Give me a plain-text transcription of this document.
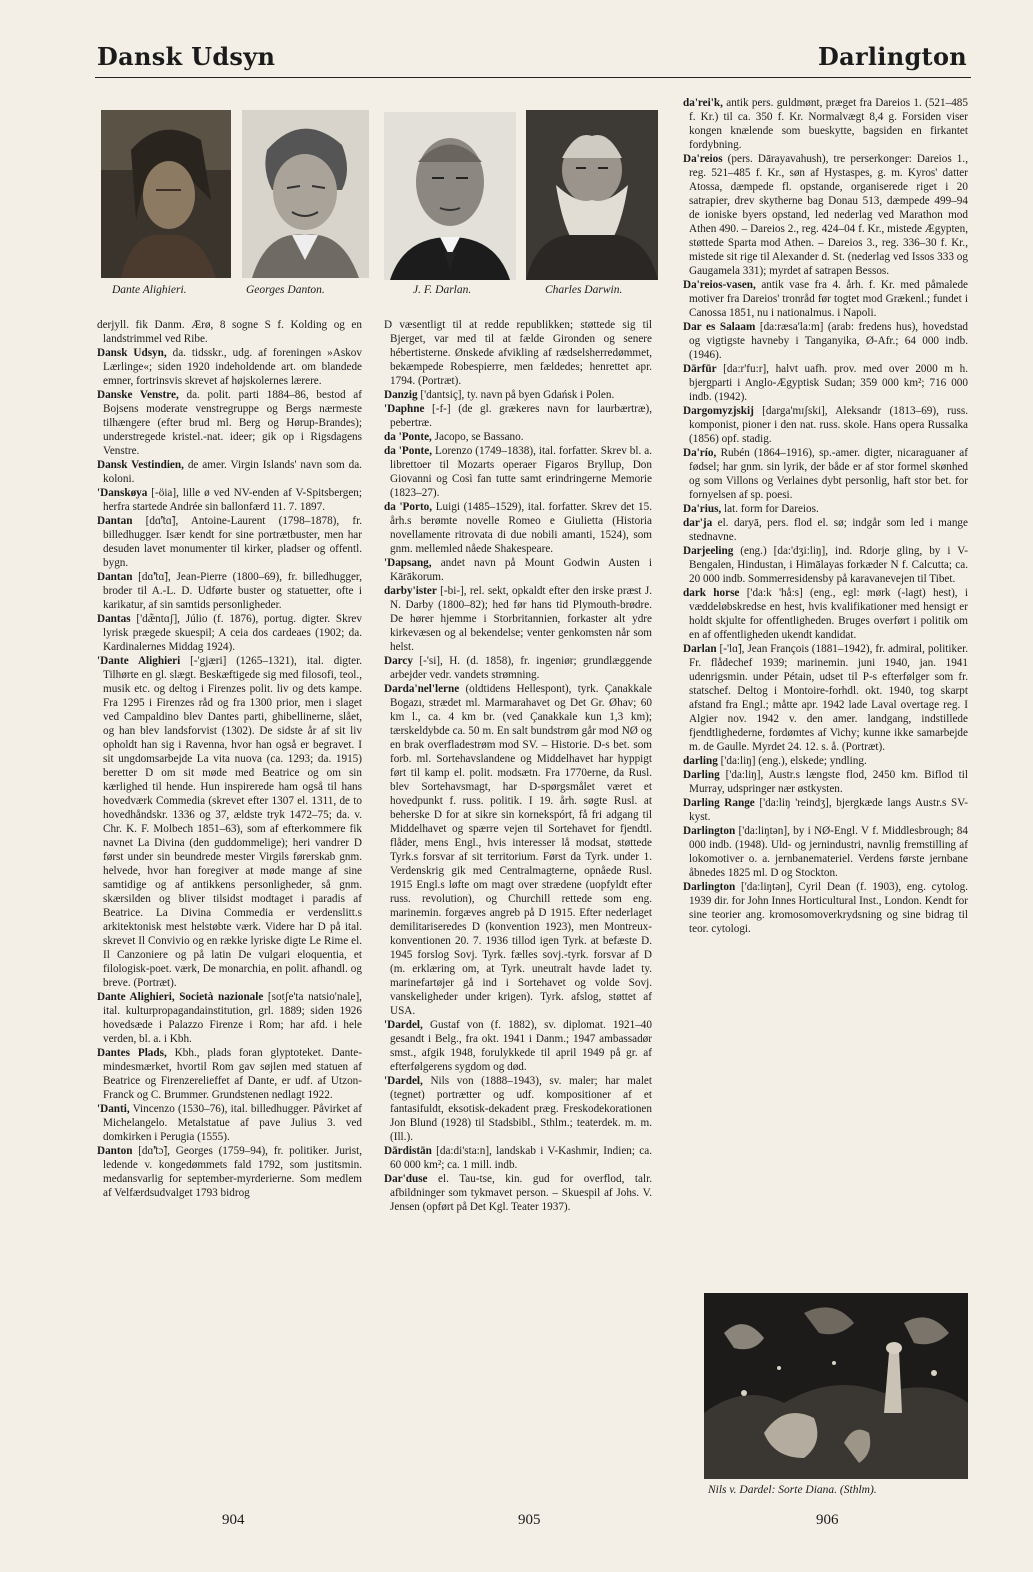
Dansk Udsyn	Darlington
Dante Alighieri.	Georges Danton.	J. F. Darlan.	Charles Darwin.

derjyll. fik Danm. Ærø, 8 sogne S f. Kolding og en landstrimmel ved Ribe.

Dansk Udsyn, da. tidsskr., udg. af foreningen »Askov Lærlinge«; siden 1920 indeholdende art. om blandede emner, fortrinsvis skrevet af højskolernes lærere.

Danske Venstre, da. polit. parti 1884–86, bestod af Bojsens moderate venstregruppe og Bergs nærmeste tilhængere (efter brud ml. Berg og Hørup-Brandes); understregede kristel.-nat. ideer; gik op i Rigsdagens Venstre.

Dansk Vestindien, de amer. Virgin Islands' navn som da. koloni.

'Danskøya [-öia], lille ø ved NV-enden af V-Spitsbergen; herfra startede Andrée sin ballonfærd 11. 7. 1897.

Dantan [dɑ̃'tɑ̃], Antoine-Laurent (1798–1878), fr. billedhugger. Især kendt for sine portrætbuster, men har desuden lavet monumenter til kirker, pladser og offentl. bygn.

Dantan [dɑ̃'tɑ̃], Jean-Pierre (1800–69), fr. billedhugger, broder til A.-L. D. Udførte buster og statuetter, ofte i karikatur, af sin samtids personligheder.

Dantas ['dæ̃ntɑʃ], Júlio (f. 1876), portug. digter. Skrev lyrisk prægede skuespil; A ceia dos cardeaes (1902; da. Kardinalernes Middag 1924).

'Dante Alighieri [-'gjæri] (1265–1321), ital. digter. Tilhørte en gl. slægt. Beskæftigede sig med filosofi, teol., musik etc. og deltog i Firenzes polit. liv og dets kampe. Fra 1295 i Firenzes råd og fra 1300 prior, men i slaget ved Campaldino blev Dantes parti, ghibellinerne, slået, og han blev landsforvist (1302). De sidste år af sit liv opholdt han sig i Ravenna, hvor han også er begravet. I sit ungdomsarbejde La vita nuova (ca. 1293; da. 1915) beretter D om sit møde med Beatrice og om sin kærlighed til hende. Hun inspirerede ham også til hans hovedværk Commedia (skrevet efter 1307 el. 1311, de to hovedhåndskr. 1336 og 37, ældste tryk 1472–75; da. v. Chr. K. F. Molbech 1851–63), som af efterkommere fik navnet La Divina (den guddommelige); heri vandrer D først under sin beundrede mester Virgils førerskab gnm. helvede, hvor han foregiver at møde mange af sine samtidige og af antikkens personligheder, så gnm. skærsilden og bliver tilsidst modtaget i paradis af Beatrice. La Divina Commedia er verdenslitt.s arkitektonisk mest helstøbte værk. Videre har D på ital. skrevet Il Convivio og en række lyriske digte Le Rime el. Il Canzoniere og på latin De vulgari eloquentia, et filologisk-poet. værk, De monarchia, en polit. afhandl. og breve. (Portræt).

Dante Alighieri, Società nazionale [sotʃe'ta natsio'nale], ital. kulturpropagandainstitution, grl. 1889; siden 1926 hovedsæde i Palazzo Firenze i Rom; har afd. i hele verden, bl. a. i Kbh.

Dantes Plads, Kbh., plads foran glyptoteket. Dante-mindesmærket, hvortil Rom gav søjlen med statuen af Beatrice og Firenzerelieffet af Dante, er udf. af Utzon-Franck og C. Brummer. Grundstenen nedlagt 1922.

'Danti, Vincenzo (1530–76), ital. billedhugger. Påvirket af Michelangelo. Metalstatue af pave Julius 3. ved domkirken i Perugia (1555).

Danton [dɑ̃'tɔ̃], Georges (1759–94), fr. politiker. Jurist, ledende v. kongedømmets fald 1792, som justitsmin. medansvarlig for september-myrderierne. Som medlem af Velfærdsudvalget 1793 bidrog

D væsentligt til at redde republikken; støttede sig til Bjerget, var med til at fælde Gironden og senere hébertisterne. Ønskede afvikling af rædselsherredømmet, bekæmpede Robespierre, men fældedes; henrettet apr. 1794. (Portræt).

Danzig ['dantsiç], ty. navn på byen Gdańsk i Polen.

'Daphne [-f-] (de gl. grækeres navn for laurbærtræ), pebertræ.

da 'Ponte, Jacopo, se Bassano.

da 'Ponte, Lorenzo (1749–1838), ital. forfatter. Skrev bl. a. librettoer til Mozarts operaer Figaros Bryllup, Don Giovanni og Così fan tutte samt erindringerne Memorie (1823–27).

da 'Porto, Luigi (1485–1529), ital. forfatter. Skrev det 15. årh.s berømte novelle Romeo e Giulietta (Historia novellamente ritrovata di due nobili amanti, 1524), som gnm. mellemled nåede Shakespeare.

'Dapsang, andet navn på Mount Godwin Austen i Kārākorum.

darby'ister [-bi-], rel. sekt, opkaldt efter den irske præst J. N. Darby (1800–82); hed før hans tid Plymouth-brødre. De hører hjemme i Storbritannien, forkaster alt ydre kirkevæsen og al bekendelse; venter genkomsten når som helst.

Darcy [-'si], H. (d. 1858), fr. ingeniør; grundlæggende arbejder vedr. vandets strømning.

Darda'nel'lerne (oldtidens Hellespont), tyrk. Çanakkale Bogazı, strædet ml. Marmarahavet og Det Gr. Øhav; 60 km l., ca. 4 km br. (ved Çanakkale kun 1,3 km); tærskeldybde ca. 50 m. En salt bundstrøm går mod NØ og en brak overfladestrøm mod SV. – Historie. D-s bet. som forb. ml. Sortehavslandene og Middelhavet har hyppigt ført til kamp el. polit. modsætn. Fra 1770erne, da Rusl. blev Sortehavsmagt, har D-spørgsmålet været et hovedpunkt f. russ. politik. I 19. årh. søgte Rusl. at beherske D for at sikre sin kornekspórt, få fri adgang til Middelhavet og spærre vejen til Sortehavet for fjendtl. flåder, mens Engl., hvis interesser lå modsat, støttede Tyrk.s forsvar af sit territorium. Først da Tyrk. under 1. Verdenskrig gik med Centralmagterne, opnåede Rusl. 1915 Engl.s løfte om magt over strædene (uopfyldt efter russ. revolution), og Churchill rettede som eng. marinemin. forgæves angreb på D 1915. Efter nederlaget demilitariseredes D (konvention 1923), men Montreux-konventionen 20. 7. 1936 tillod igen Tyrk. at befæste D. 1945 forslog Sovj. Tyrk. fælles sovj.-tyrk. forsvar af D (m. erklæring om, at Tyrk. uneutralt havde ladet ty. marinefartøjer gå ind i Sortehavet og volde Sovj. vanskeligheder under krigen). Tyrk. afslog, støttet af USA.

'Dardel, Gustaf von (f. 1882), sv. diplomat. 1921–40 gesandt i Belg., fra okt. 1941 i Danm.; 1947 ambassadør smst., afgik 1948, forulykkede til april 1949 på gr. af efterfølgerens sygdom og død.

'Dardel, Nils von (1888–1943), sv. maler; har malet (tegnet) portrætter og udf. kompositioner af et fantasifuldt, eksotisk-dekadent præg. Freskodekorationen Jon Blund (1928) til Stadsbibl., Sthlm.; teaterdek. m. m. (Ill.).

Dārdistān [da:di'sta:n], landskab i V-Kashmir, Indien; ca. 60 000 km²; ca. 1 mill. indb.

Dar'duse el. Tau-tse, kin. gud for overflod, talr. afbildninger som tykmavet person. – Skuespil af Johs. V. Jensen (opført på Det Kgl. Teater 1937).

da'rei'k, antik pers. guldmønt, præget fra Dareios 1. (521–485 f. Kr.) til ca. 350 f. Kr. Normalvægt 8,4 g. Forsiden viser kongen knælende som bueskytte, bagsiden en firkantet fordybning.

Da'reios (pers. Dārayavahush), tre perserkonger: Dareios 1., reg. 521–485 f. Kr., søn af Hystaspes, g. m. Kyros' datter Atossa, dæmpede fl. opstande, organiserede riget i 20 satrapier, drev skytherne bag Donau 513, dæmpede 499–94 de ioniske byers opstand, led nederlag ved Marathon mod Athen 490. – Dareios 2., reg. 424–04 f. Kr., mistede Ægypten, støttede Sparta mod Athen. – Dareios 3., reg. 336–30 f. Kr., mistede sit rige til Alexander d. St. (nederlag ved Issos 333 og Gaugamela 331); myrdet af satrapen Bessos.

Da'reios-vasen, antik vase fra 4. årh. f. Kr. med påmalede motiver fra Dareios' tronråd før togtet mod Grækenl.; fundet i Canossa 1851, nu i nationalmus. i Napoli.

Dar es Salaam [da:ræsa'la:m] (arab: fredens hus), hovedstad og vigtigste havneby i Tanganyika, Ø-Afr.; 64 000 indb. (1946).

Dārfūr [da:r'fu:r], halvt uafh. prov. med over 2000 m h. bjergparti i Anglo-Ægyptisk Sudan; 359 000 km²; 716 000 indb. (1942).

Dargomyzjskij [darga'mɪʃski], Aleksandr (1813–69), russ. komponist, pioner i den nat. russ. skole. Hans opera Russalka (1856) opf. stadig.

Da'río, Rubén (1864–1916), sp.-amer. digter, nicaraguaner af fødsel; har gnm. sin lyrik, der både er af stor formel skønhed og som Villons og Verlaines dybt personlig, haft stor bet. for fornyelsen af sp. poesi.

Da'rius, lat. form for Dareios.

dar'ja el. daryā, pers. flod el. sø; indgår som led i mange stednavne.

Darjeeling (eng.) [da:'dʒi:liŋ], ind. Rdorje gling, by i V-Bengalen, Hindustan, i Himālayas forkæder N f. Calcutta; ca. 20 000 indb. Sommerresidensby på karavanevejen til Tibet.

dark horse ['da:k 'hå:s] (eng., egl: mørk (-lagt) hest), i væddeløbskredse en hest, hvis kvalifikationer med hensigt er holdt skjulte for offentligheden. Bruges overført i politik om en af offentligheden ukendt kandidat.

Darlan [-'lɑ̃], Jean François (1881–1942), fr. admiral, politiker. Fr. flådechef 1939; marinemin. juni 1940, jan. 1941 udenrigsmin. under Pétain, udset til P-s efterfølger som fr. statschef. Deltog i Montoire-forhdl. okt. 1940, tog skarpt afstand fra Engl.; måtte apr. 1942 lade Laval overtage reg. I Algier nov. 1942 v. den amer. landgang, indstillede fjendtlighederne, fordømtes af Vichy; kunne ikke samarbejde m. de Gaulle. Myrdet 24. 12. s. å. (Portræt).

darling ['da:liŋ] (eng.), elskede; yndling.

Darling ['da:liŋ], Austr.s længste flod, 2450 km. Biflod til Murray, udspringer nær østkysten.

Darling Range ['da:liŋ 'reindʒ], bjergkæde langs Austr.s SV-kyst.

Darlington ['da:liŋtən], by i NØ-Engl. V f. Middlesbrough; 84 000 indb. (1948). Uld- og jernindustri, navnlig fremstilling af lokomotiver o. a. jernbanemateriel. Verdens første jernbane åbnedes 1825 ml. D og Stockton.

Darlington ['da:liŋtən], Cyril Dean (f. 1903), eng. cytolog. 1939 dir. for John Innes Horticultural Inst., London. Kendt for sine teorier ang. kromosomoverkrydsning og sine bidrag til teor. cytologi.

Nils v. Dardel: Sorte Diana. (Sthlm).
904	905	906
